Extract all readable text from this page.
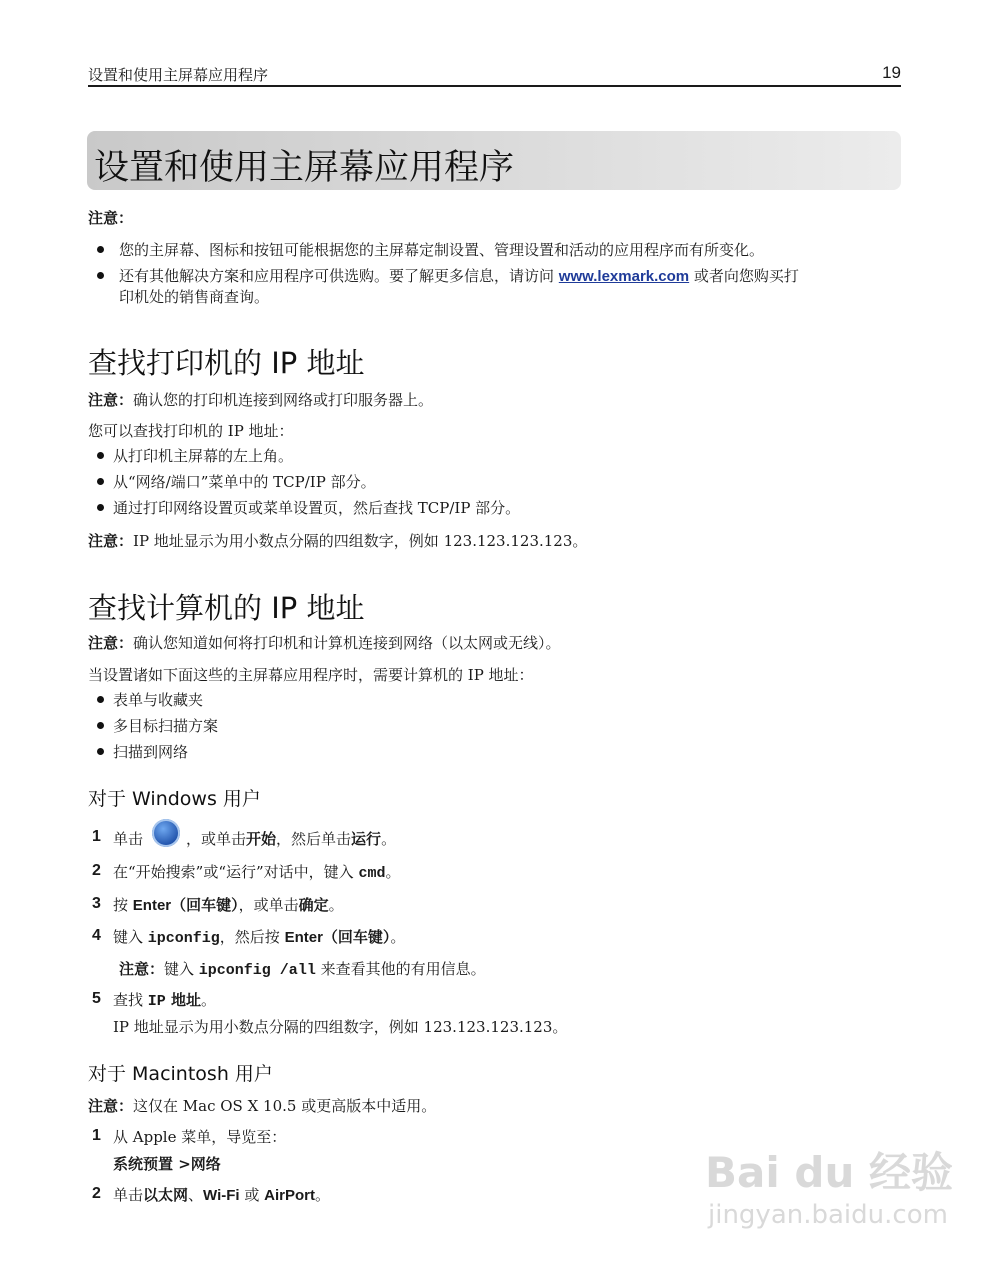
设置和使用主屏幕应用程序	19
设置和使用主屏幕应用程序
注意：
您的主屏幕、图标和按钮可能根据您的主屏幕定制设置、管理设置和活动的应用程序而有所变化。
还有其他解决方案和应用程序可供选购。要了解更多信息，请访问 www.lexmark.com 或者向您购买打
印机处的销售商查询。
查找打印机的 IP 地址
注意：确认您的打印机连接到网络或打印服务器上。
您可以查找打印机的 IP 地址：
从打印机主屏幕的左上角。
从“网络/端口”菜单中的 TCP/IP 部分。
通过打印网络设置页或菜单设置页，然后查找 TCP/IP 部分。
注意：IP 地址显示为用小数点分隔的四组数字，例如 123.123.123.123。
查找计算机的 IP 地址
注意：确认您知道如何将打印机和计算机连接到网络（以太网或无线）。
当设置诸如下面这些的主屏幕应用程序时，需要计算机的 IP 地址：
表单与收藏夹
多目标扫描方案
扫描到网络
对于 Windows 用户
1 单击	，或单击开始，然后单击运行。
2 在“开始搜索”或“运行”对话中，键入 cmd。
3 按 Enter（回车键），或单击确定。
4 键入 ipconfig，然后按 Enter（回车键）。
注意：键入 ipconfig /all 来查看其他的有用信息。
5 查找 IP 地址。
IP 地址显示为用小数点分隔的四组数字，例如 123.123.123.123。
对于 Macintosh 用户
注意：这仅在 Mac OS X 10.5 或更高版本中适用。
1 从 Apple 菜单，导览至：
系统预置 >网络
2 单击以太网、Wi-Fi 或 AirPort。	Bai du 经验
jingyan.baidu.com
